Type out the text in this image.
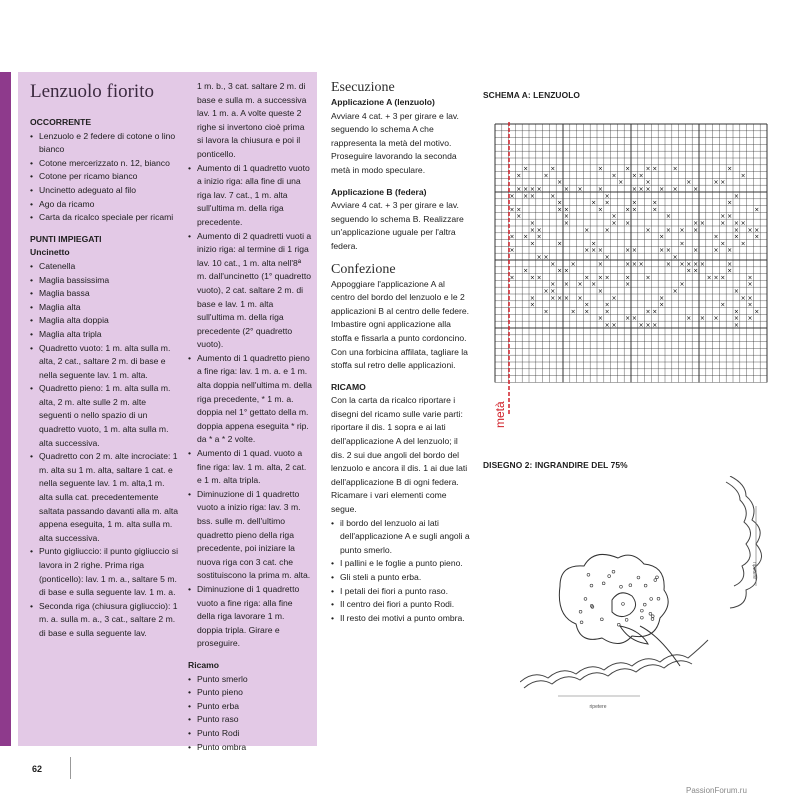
Lenzuolo fiorito
OCCORRENTE
• Lenzuolo e 2 federe di cotone o lino bianco
• Cotone mercerizzato n. 12, bianco
• Cotone per ricamo bianco
• Uncinetto adeguato al filo
• Ago da ricamo
• Carta da ricalco speciale per ricami
PUNTI IMPIEGATI
Uncinetto
• Catenella
• Maglia bassissima
• Maglia bassa
• Maglia alta
• Maglia alta doppia
• Maglia alta tripla
• Quadretto vuoto: 1 m. alta sulla m. alta, 2 cat., saltare 2 m. di base e nella seguente lav. 1 m. alta.
• Quadretto pieno: 1 m. alta sulla m. alta, 2 m. alte sulle 2 m. alte seguenti o nello spazio di un quadretto vuoto, 1 m. alta sulla m. alta successiva.
• Quadretto con 2 m. alte incrociate: 1 m. alta su 1 m. alta, saltare 1 cat. e nella seguente lav. 1 m. alta,1 m. alta sulla cat. precedentemente saltata passando davanti alla m. alta appena eseguita, 1 m. alta sulla m. alta successiva.
• Punto gigliuccio: il punto gigliuccio si lavora in 2 righe. Prima riga (ponticello): lav. 1 m. a., saltare 5 m. di base e sulla seguente lav. 1 m. a.
• Seconda riga (chiusura gigliuccio): 1 m. a. sulla m. a., 3 cat., saltare 2 m. di base e sulla seguente lav.
1 m. b., 3 cat. saltare 2 m. di base e sulla m. a successiva lav. 1 m. a. A volte queste 2 righe si invertono cioè prima si lavora la chiusura e poi il ponticello.
• Aumento di 1 quadretto vuoto a inizio riga: alla fine di una riga lav. 7 cat., 1 m. alta sull'ultima m. della riga precedente.
• Aumento di 2 quadretti vuoti a inizio riga: al termine di 1 riga lav. 10 cat., 1 m. alta nell'8ª m. dall'uncinetto (1° quadretto vuoto), 2 cat. saltare 2 m. di base e lav. 1 m. alta sull'ultima m. della riga precedente (2° quadretto vuoto).
• Aumento di 1 quadretto pieno a fine riga: lav. 1 m. a. e 1 m. alta doppia nell'ultima m. della riga precedente, * 1 m. a. doppia nel 1° gettato della m. doppia appena eseguita * rip. da * a * 2 volte.
• Aumento di 1 quad. vuoto a fine riga: lav. 1 m. alta, 2 cat. e 1 m. alta tripla.
• Diminuzione di 1 quadretto vuoto a inizio riga: lav. 3 m. bss. sulle m. dell'ultimo quadretto pieno della riga precedente, poi iniziare la nuova riga con 3 cat. che sostituiscono la prima m. alta.
• Diminuzione di 1 quadretto vuoto a fine riga: alla fine della riga lavorare 1 m. doppia tripla. Girare e proseguire.
Ricamo
• Punto smerlo
• Punto pieno
• Punto erba
• Punto raso
• Punto Rodi
• Punto ombra
Esecuzione
Applicazione A (lenzuolo)
Avviare 4 cat. + 3 per girare e lav. seguendo lo schema A che rappresenta la metà del motivo. Proseguire lavorando la seconda metà in modo speculare.
Applicazione B (federa)
Avviare 4 cat. + 3 per girare e lav. seguendo lo schema B. Realizzare un'applicazione uguale per l'altra federa.
Confezione
Appoggiare l'applicazione A al centro del bordo del lenzuolo e le 2 applicazioni B al centro delle federe. Imbastire ogni applicazione alla stoffa e fissarla a punto cordoncino. Con una forbicina affilata, tagliare la stoffa sul retro delle applicazioni.
RICAMO
Con la carta da ricalco riportare i disegni del ricamo sulle varie parti: riportare il dis. 1 sopra e ai lati dell'applicazione A del lenzuolo; il dis. 2 sui due angoli del bordo del lenzuolo e ancora il dis. 1 ai due lati dell'applicazione B di ogni federa. Ricamare i vari elementi come segue.
• il bordo del lenzuolo ai lati dell'applicazione A e sugli angoli a punto smerlo.
• I pallini e le foglie a punto pieno.
• Gli steli a punto erba.
• I petali dei fiori a punto raso.
• Il centro dei fiori a punto Rodi.
• Il resto dei motivi a punto ombra.
SCHEMA A: LENZUOLO
×	×	×	×	× ×	×	×
×	×	×	× ×	×
×	×	×	×	× ×
× × × ×	× ×	×	× × × × ×	×
× × ×	×	×	×
×	× ×	×	×	×
× ×	× ×	×	× ×	×	×
×	×	×	×	× ×
×	×	× ×	× ×	× × ×
× ×	×	×	×	× × ×	× × ×
× × ×	×	×	×	×
×	×	×	×	×	×
×	× × ×	× ×	× ×	×	× ×
× ×	×	×
×	×	×	× × ×	× × × × ×	×
×	× ×	× ×	×
×	× ×	× × ×	×	×	× × ×	×
× × × ×	×	×	×
× ×	×	×	×
×	× × × ×	×	×	× ×
×	×	×	×	×	×
×	× ×	×	× ×	×	×
×	× ×	× × ×	× ×
× ×	× × ×	×
metà
DISEGNO 2: INGRANDIRE DEL 75%
ripetere
ripetere
62
PassionForum.ru
